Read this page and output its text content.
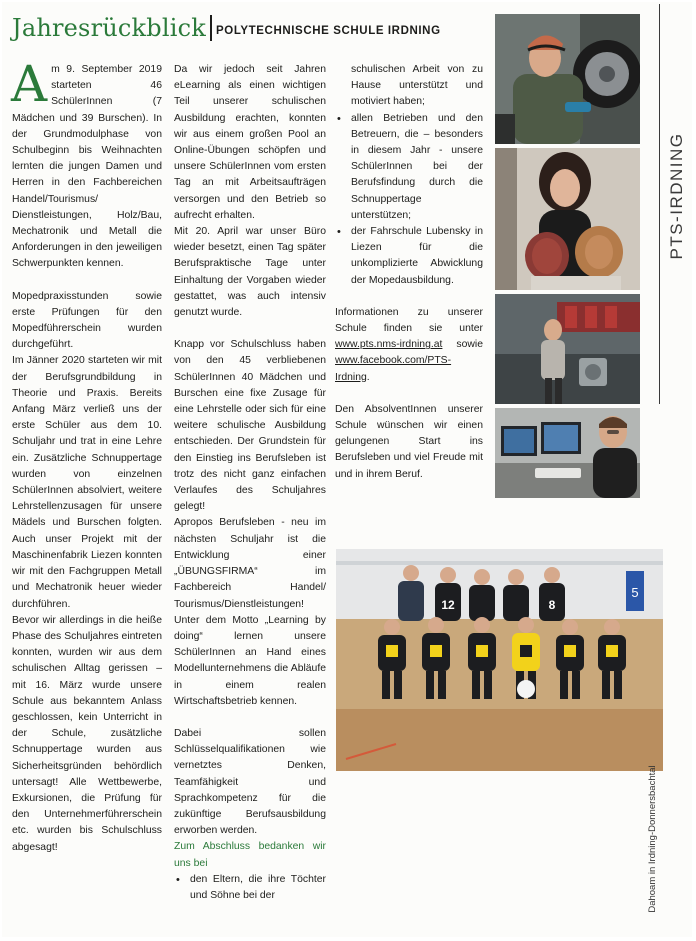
Jahresrückblick POLYTECHNISCHE SCHULE IRDNING

Am 9. September 2019 starteten 46 SchülerInnen (7 Mädchen und 39 Burschen). In der Grundmodulphase von Schulbeginn bis Weihnachten lernten die jungen Damen und Herren in den Fachbereichen Handel/Tourismus/ Dienstleistungen, Holz/Bau, Mechatronik und Metall die Anforderungen in den jeweiligen Schwerpunkten kennen.

Mopedpraxisstunden sowie erste Prüfungen für den Mopedführerschein wurden durchgeführt.

Im Jänner 2020 starteten wir mit der Berufsgrundbildung in Theorie und Praxis. Bereits Anfang März verließ uns der erste Schüler aus dem 10. Schuljahr und trat in eine Lehre ein. Zusätzliche Schnuppertage wurden von einzelnen SchülerInnen absolviert, weitere Lehrstellenzusagen für unsere Mädels und Burschen folgten. Auch unser Projekt mit der Maschinenfabrik Liezen konnten wir mit den Fachgruppen Metall und Mechatronik heuer wieder durchführen.

Bevor wir allerdings in die heiße Phase des Schuljahres eintreten konnten, wurden wir aus dem schulischen Alltag gerissen – mit 16. März wurde unsere Schule aus bekanntem Anlass geschlossen, kein Unterricht in der Schule, zusätzliche Schnuppertage wurden aus Sicherheitsgründen behördlich untersagt! Alle Wettbewerbe, Exkursionen, die Prüfung für den Unternehmerführerschein etc. wurden bis Schulschluss abgesagt!

Da wir jedoch seit Jahren eLearning als einen wichtigen Teil unserer schulischen Ausbildung erachten, konnten wir aus einem großen Pool an Online-Übungen schöpfen und unsere SchülerInnen vom ersten Tag an mit Arbeitsaufträgen versorgen und den Betrieb so aufrecht erhalten.

Mit 20. April war unser Büro wieder besetzt, einen Tag später Berufspraktische Tage unter Einhaltung der Vorgaben wieder gestattet, was auch intensiv genutzt wurde.

Knapp vor Schulschluss haben von den 45 verbliebenen SchülerInnen 40 Mädchen und Burschen eine fixe Zusage für eine Lehrstelle oder sich für eine weitere schulische Ausbildung entschieden. Der Grundstein für den Einstieg ins Berufsleben ist trotz des nicht ganz einfachen Verlaufes des Schuljahres gelegt!

Apropos Berufsleben - neu im nächsten Schuljahr ist die Entwicklung einer „ÜBUNGSFIRMA“ im Fachbereich Handel/ Tourismus/Dienstleistungen! Unter dem Motto „Learning by doing“ lernen unsere SchülerInnen an Hand eines Modellunternehmens die Abläufe in einem realen Wirtschaftsbetrieb kennen.

Dabei sollen Schlüsselqualifikationen wie vernetztes Denken, Teamfähigkeit und Sprachkompetenz für die zukünftige Berufsausbildung erworben werden.

Zum Abschluss bedanken wir uns bei

• den Eltern, die ihre Töchter und Söhne bei der

schulischen Arbeit von zu Hause unterstützt und motiviert haben;

• allen Betrieben und den Betreuern, die – besonders in diesem Jahr - unsere SchülerInnen bei der Berufsfindung durch die Schnuppertage unterstützen;
• der Fahrschule Lubensky in Liezen für die unkomplizierte Abwicklung der Mopedausbildung.

Informationen zu unserer Schule finden sie unter www.pts.nms-irdning.at sowie www.facebook.com/PTS-Irdning.

Den AbsolventInnen unserer Schule wünschen wir einen gelungenen Start ins Berufsleben und viel Freude mit und in ihrem Beruf.

5
12	8
PTS-IRDNING
Dahoam in Irdning-Donnersbachtal
